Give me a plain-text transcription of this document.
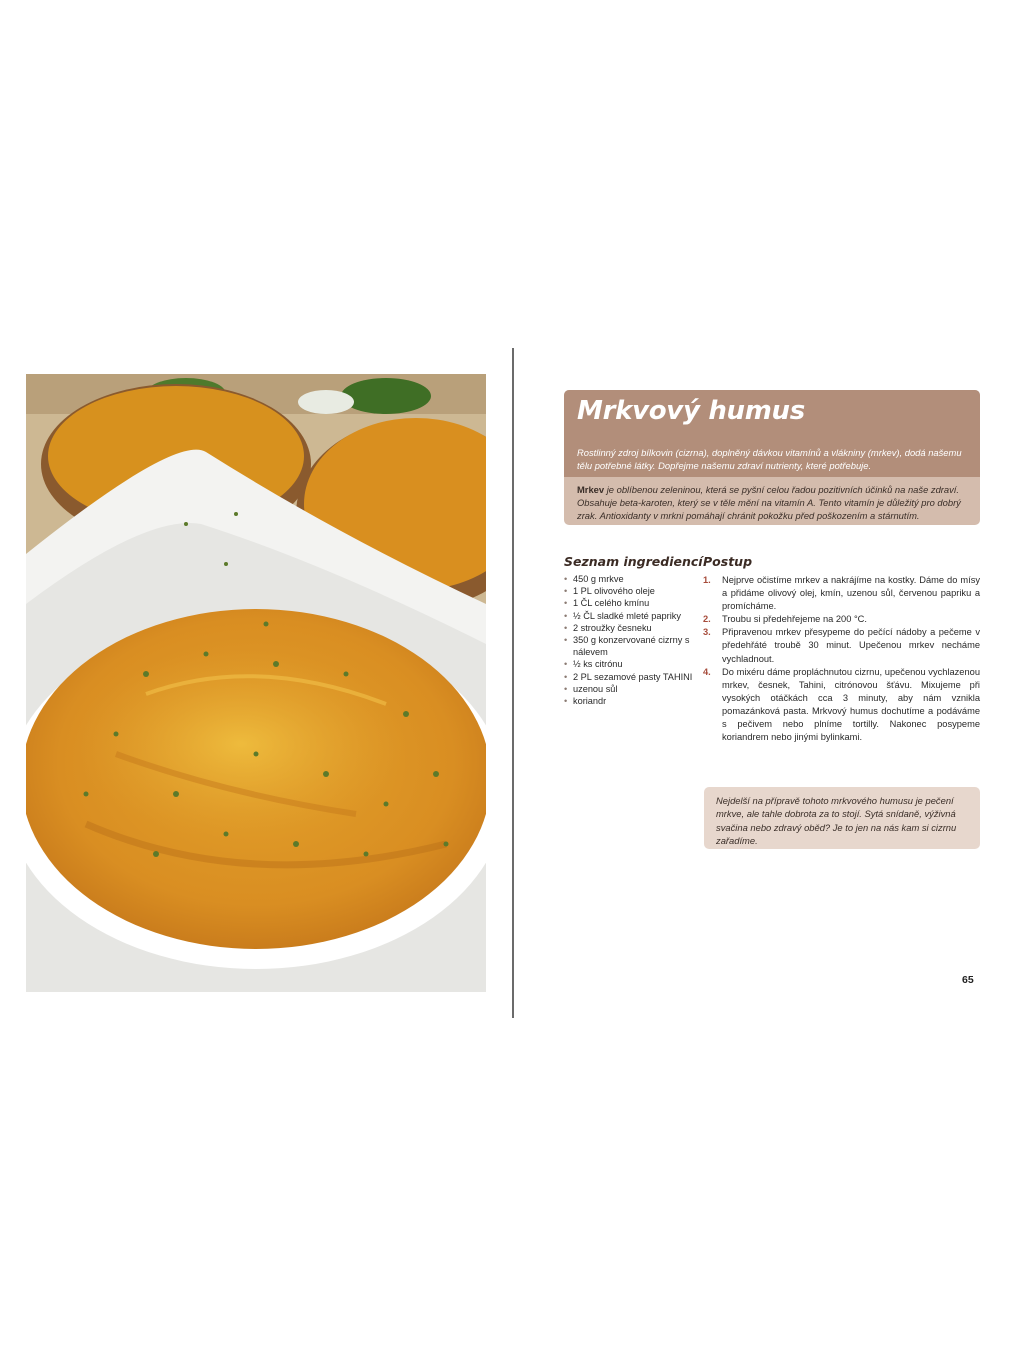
Mrkvový humus

Rostlinný zdroj bílkovin (cizrna), doplněný dávkou vitamínů a vlákniny (mrkev), dodá našemu tělu potřebné látky. Dopřejme našemu zdraví nutrienty, které potřebuje.

Mrkev je oblíbenou zeleninou, která se pyšní celou řadou pozitivních účinků na naše zdraví. Obsahuje beta-karoten, který se v těle mění na vitamín A. Tento vitamín je důležitý pro dobrý zrak. Antioxidanty v mrkni pomáhají chránit pokožku před poškozením a stárnutím.

Seznam ingrediencí
• 450 g mrkve
• 1 PL olivového oleje
• 1 ČL celého kmínu
• ½ ČL sladké mleté papriky
• 2 stroužky česneku
• 350 g konzervované cizrny s nálevem
• ½ ks citrónu
• 2 PL sezamové pasty TAHINI
• uzenou sůl
• koriandr
Postup
1. Nejprve očistíme mrkev a nakrájíme na kostky. Dáme do mísy a přidáme olivový olej, kmín, uzenou sůl, červenou papriku a promícháme.
2. Troubu si předehřejeme na 200 °C.
3. Připravenou mrkev přesypeme do pečící nádoby a pečeme v předehřáté troubě 30 minut. Upečenou mrkev necháme vychladnout.
4. Do mixéru dáme propláchnutou cizrnu, upečenou vychlazenou mrkev, česnek, Tahini, citrónovou šťávu. Mixujeme při vysokých otáčkách cca 3 minuty, aby nám vznikla pomazánková pasta. Mrkvový humus dochutíme a podáváme s pečivem nebo plníme tortilly. Nakonec posypeme koriandrem nebo jinými bylinkami.
Nejdelší na přípravě tohoto mrkvového humusu je pečení mrkve, ale tahle dobrota za to stojí. Sytá snídaně, výživná svačina nebo zdravý oběd? Je to jen na nás kam si cizrnu zařadíme.
65
